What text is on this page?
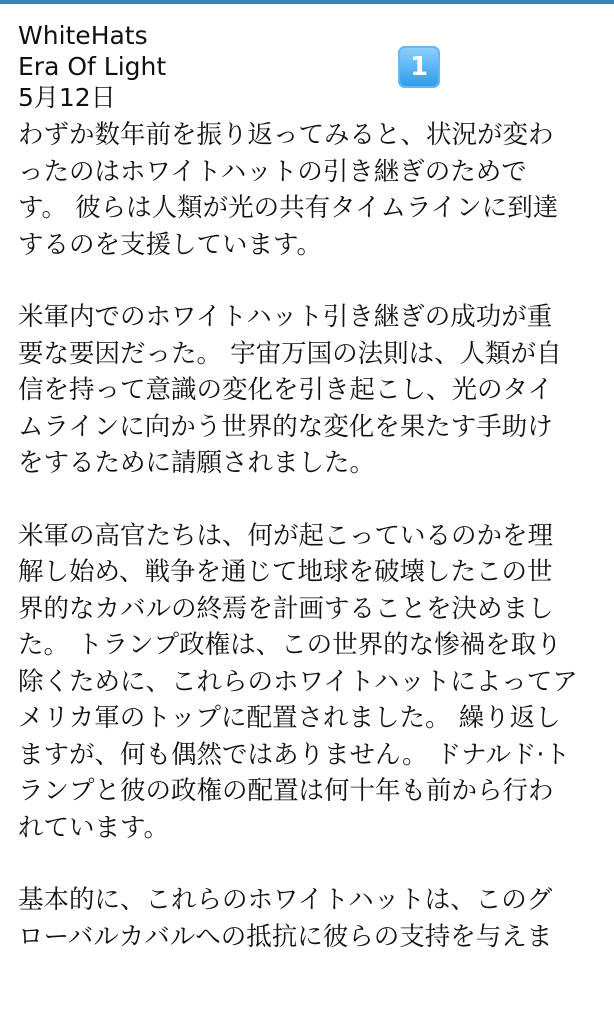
1
WhiteHats
Era Of Light
5月12日

わずか数年前を振り返ってみると、状況が変わ
ったのはホワイトハットの引き継ぎのためで
す。 彼らは人類が光の共有タイムラインに到達
するのを支援しています。

米軍内でのホワイトハット引き継ぎの成功が重
要な要因だった。 宇宙万国の法則は、人類が自
信を持って意識の変化を引き起こし、光のタイ
ムラインに向かう世界的な変化を果たす手助け
をするために請願されました。

米軍の高官たちは、何が起こっているのかを理
解し始め、戦争を通じて地球を破壊したこの世
界的なカバルの終焉を計画することを決めまし
た。 トランプ政権は、この世界的な惨禍を取り
除くために、これらのホワイトハットによってア
メリカ軍のトップに配置されました。 繰り返し
ますが、何も偶然ではありません。 ドナルド·ト
ランプと彼の政権の配置は何十年も前から行わ
れています。

基本的に、これらのホワイトハットは、このグ
ローバルカバルへの抵抗に彼らの支持を与えま
